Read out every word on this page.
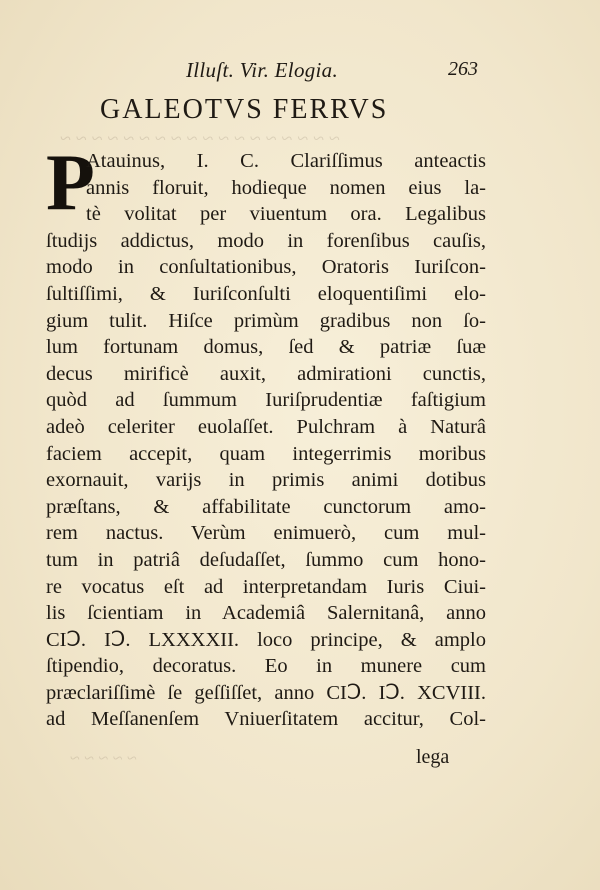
~ ~ ~ ~ ~ ~ ~ ~ ~ ~ ~ ~ ~ ~ ~ ~ ~ ~
~ ~ ~ ~ ~
Illuſt. Vir. Elogia.	263
GALEOTVS FERRVS
P
Atauinus, I. C. Clariſſimus anteactis
annis floruit, hodieque nomen eius la-
tè volitat per viuentum ora. Legalibus
ſtudijs addictus, modo in forenſibus cauſis,
modo in conſultationibus, Oratoris Iuriſcon-
ſultiſſimi, & Iuriſconſulti eloquentiſimi elo-
gium tulit. Hiſce primùm gradibus non ſo-
lum fortunam domus, ſed & patriæ ſuæ
decus mirificè auxit, admirationi cunctis,
quòd ad ſummum Iuriſprudentiæ faſtigium
adeò celeriter euolaſſet. Pulchram à Naturâ
faciem accepit, quam integerrimis moribus
exornauit, varijs in primis animi dotibus
præſtans, & affabilitate cunctorum amo-
rem nactus. Verùm enimuerò, cum mul-
tum in patriâ deſudaſſet, ſummo cum hono-
re vocatus eſt ad interpretandam Iuris Ciui-
lis ſcientiam in Academiâ Salernitanâ, anno
CIↃ. IↃ. LXXXXII. loco principe, & amplo
ſtipendio, decoratus. Eo in munere cum
præclariſſimè ſe geſſiſſet, anno CIↃ. IↃ. XCVIII.
ad Meſſanenſem Vniuerſitatem accitur, Col-
lega
